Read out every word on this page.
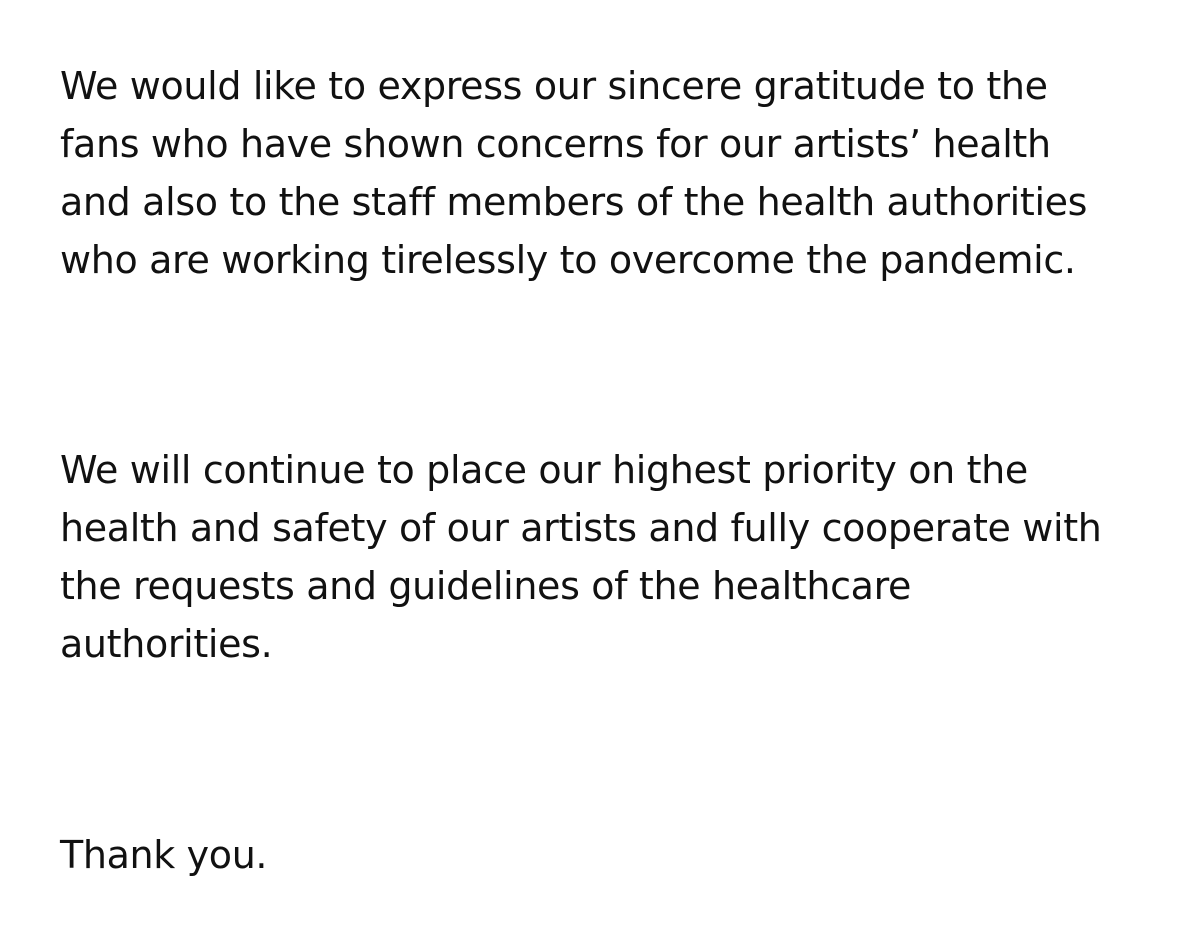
We would like to express our sincere gratitude to the

fans who have shown concerns for our artists’ health

and also to the staff members of the health authorities

who are working tirelessly to overcome the pandemic.

We will continue to place our highest priority on the

health and safety of our artists and fully cooperate with

the requests and guidelines of the healthcare

authorities.

Thank you.
